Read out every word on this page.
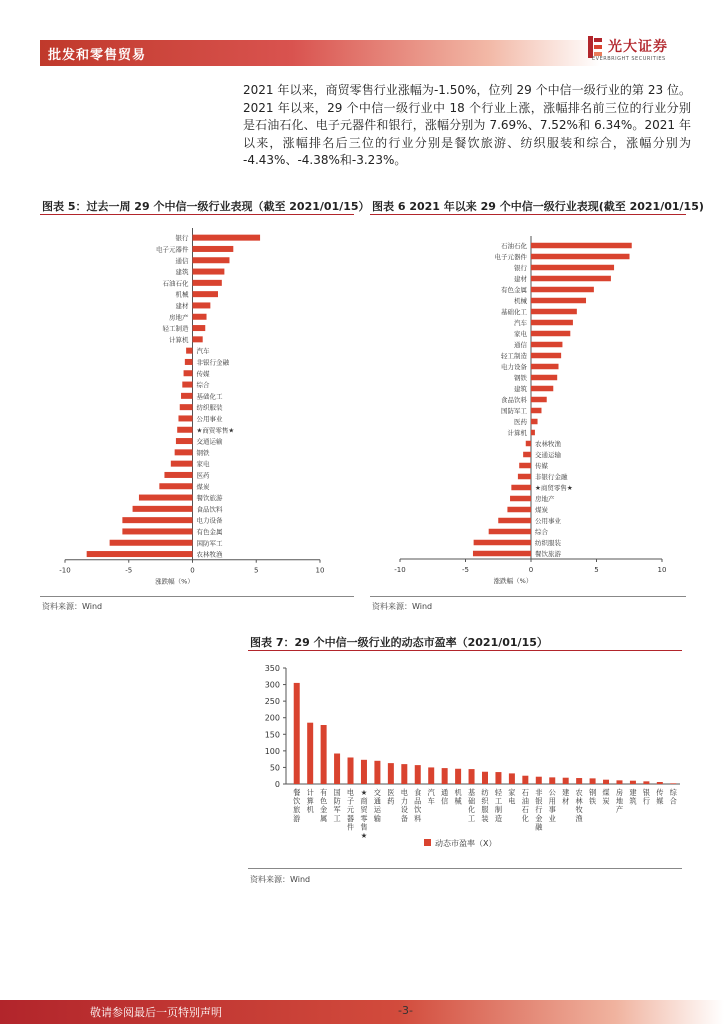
批发和零售贸易
光大证券
EVERBRIGHT SECURITIES
2021 年以来，商贸零售行业涨幅为-1.50%，位列 29 个中信一级行业的第 23 位。2021 年以来，29 个中信一级行业中 18 个行业上涨，涨幅排名前三位的行业分别是石油石化、电子元器件和银行，涨幅分别为 7.69%、7.52%和 6.34%。2021 年以来，涨幅排名后三位的行业分别是餐饮旅游、纺织服装和综合，涨幅分别为 -4.43%、-4.38%和-3.23%。
图表 5：过去一周 29 个中信一级行业表现（截至 2021/01/15）
-10	-5	0	5	10
涨跌幅（%）
银行
电子元器件
通信
建筑
石油石化
机械
建材
房地产
轻工制造
计算机
汽车
非银行金融
传媒
综合
基础化工
纺织服装
公用事业
★商贸零售★
交通运输
钢铁
家电
医药
煤炭
餐饮旅游
食品饮料
电力设备
有色金属
国防军工
农林牧渔
资料来源：Wind
图表 6 2021 年以来 29 个中信一级行业表现(截至 2021/01/15)
-10	-5	0	5	10
涨跌幅（%）
石油石化
电子元器件
银行
建材
有色金属
机械
基础化工
汽车
家电
通信
轻工制造
电力设备
钢铁
建筑
食品饮料
国防军工
医药
计算机
农林牧渔
交通运输
传媒
非银行金融
★商贸零售★
房地产
煤炭
公用事业
综合
纺织服装
餐饮旅游
资料来源：Wind
图表 7：29 个中信一级行业的动态市盈率（2021/01/15）
0
50
100
150
200
250
300
350
餐饮旅游
计算机
有色金属
国防军工
电子元器件
★商贸零售★
交通运输
医药
电力设备
食品饮料
汽车
通信
机械
基础化工
纺织服装
轻工制造
家电
石油石化
非银行金融
公用事业
建材
农林牧渔
钢铁
煤炭
房地产
建筑
银行
传媒
综合
动态市盈率（X）
资料来源：Wind
敬请参阅最后一页特别声明	-3-
